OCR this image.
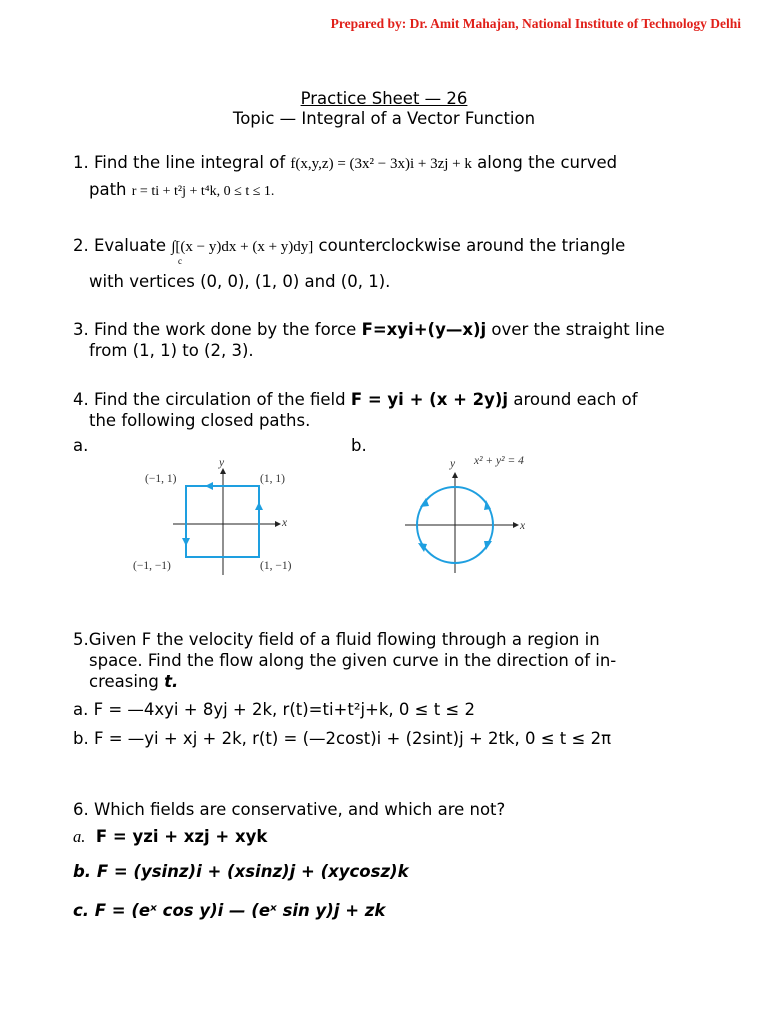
Prepared by: Dr. Amit Mahajan, National Institute of Technology Delhi
Practice Sheet — 26
Topic — Integral of a Vector Function
1. Find the line integral of f(x,y,z) = (3x² − 3x)i + 3zj + k along the curved
path r = ti + t²j + t⁴k, 0 ≤ t ≤ 1.
2. Evaluate ∫[(x − y)dx + (x + y)dy] counterclockwise around the triangle
c
with vertices (0, 0), (1, 0) and (0, 1).
3. Find the work done by the force F=xyi+(y—x)j over the straight line
from (1, 1) to (2, 3).
4. Find the circulation of the field F = yi + (x + 2y)j around each of
the following closed paths.
a.	b.
y
x
(−1, 1)	(1, 1)
(−1, −1)	(1, −1)
y
x
x² + y² = 4
5.Given F the velocity field of a fluid flowing through a region in
space. Find the flow along the given curve in the direction of in-
creasing t.
a. F = —4xyi + 8yj + 2k, r(t)=ti+t²j+k, 0 ≤ t ≤ 2
b. F = —yi + xj + 2k, r(t) = (—2cost)i + (2sint)j + 2tk, 0 ≤ t ≤ 2π
6. Which fields are conservative, and which are not?
a. F = yzi + xzj + xyk
b. F = (ysinz)i + (xsinz)j + (xycosz)k
c. F = (eˣ cos y)i — (eˣ sin y)j + zk
